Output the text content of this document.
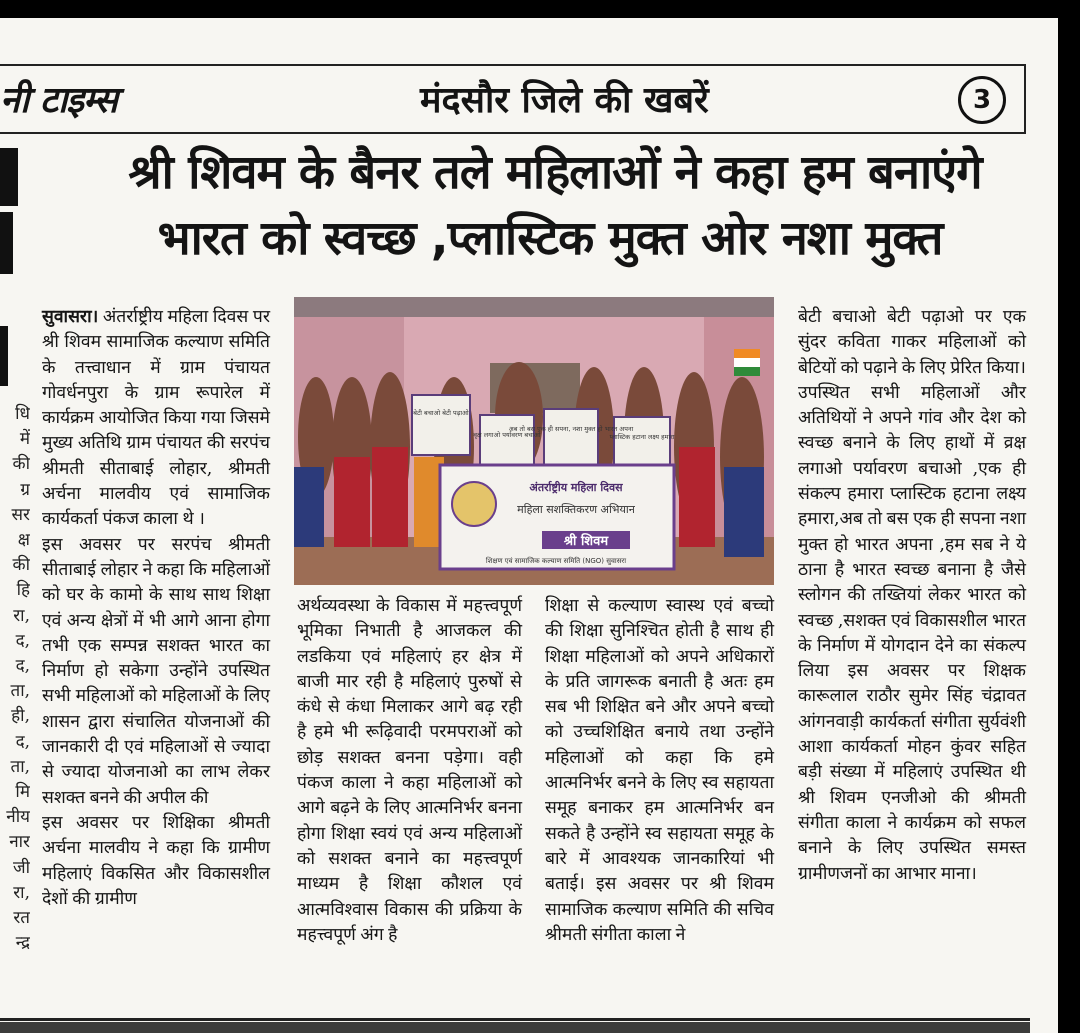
नी टाइम्स	मंदसौर जिले की खबरें	3
श्री शिवम के बैनर तले महिलाओं ने कहा हम बनाएंगे
भारत को स्वच्छ ,प्लास्टिक मुक्त ओर नशा मुक्त
धि
में
की
ग्र
सर
क्ष
की
हि
रा,
द,
द,
ता,
ही,
द,
ता,
मि
नीय
नार
जी
रा,
रत
न्द्र

सुवासरा। अंतर्राष्ट्रीय महिला दिवस पर श्री शिवम सामाजिक कल्याण समिति के तत्त्वाधान में ग्राम पंचायत गोवर्धनपुरा के ग्राम रूपारेल में कार्यक्रम आयोजित किया गया जिसमे मुख्य अतिथि ग्राम पंचायत की सरपंच श्रीमती सीताबाई लोहार, श्रीमती अर्चना मालवीय एवं सामाजिक कार्यकर्ता पंकज काला थे ।

इस अवसर पर सरपंच श्रीमती सीताबाई लोहार ने कहा कि महिलाओं को घर के कामो के साथ साथ शिक्षा एवं अन्य क्षेत्रों में भी आगे आना होगा तभी एक सम्पन्न सशक्त भारत का निर्माण हो सकेगा उन्होंने उपस्थित सभी महिलाओं को महिलाओं के लिए शासन द्वारा संचालित योजनाओं की जानकारी दी एवं महिलाओं से ज्यादा से ज्यादा योजनाओ का लाभ लेकर सशक्त बनने की अपील की

इस अवसर पर शिक्षिका श्रीमती अर्चना मालवीय ने कहा कि ग्रामीण महिलाएं विकसित और विकासशील देशों की ग्रामीण

बेटी बचाओ बेटी पढ़ाओ
वृक्ष लगाओ पर्यावरण बचाओ
अब तो बस एक ही सपना, नशा मुक्त हो भारत अपना
प्लास्टिक हटाना लक्ष्य हमारा
अंतर्राष्ट्रीय महिला दिवस
महिला सशक्तिकरण अभियान
श्री शिवम
शिक्षण एवं सामाजिक कल्याण समिति (NGO) सुवासरा

अर्थव्यवस्था के विकास में महत्त्वपूर्ण भूमिका निभाती है आजकल की लडकिया एवं महिलाएं हर क्षेत्र में बाजी मार रही है महिलाएं पुरुषों से कंधे से कंधा मिलाकर आगे बढ़ रही है हमे भी रूढ़िवादी परमपराओं को छोड़ सशक्त बनना पड़ेगा। वही पंकज काला ने कहा महिलाओं को आगे बढ़ने के लिए आत्मनिर्भर बनना होगा शिक्षा स्वयं एवं अन्य महिलाओं को सशक्त बनाने का महत्त्वपूर्ण माध्यम है शिक्षा कौशल एवं आत्मविश्वास विकास की प्रक्रिया के महत्त्वपूर्ण अंग है

शिक्षा से कल्याण स्वास्थ एवं बच्चो की शिक्षा सुनिश्चित होती है साथ ही शिक्षा महिलाओं को अपने अधिकारों के प्रति जागरूक बनाती है अतः हम सब भी शिक्षित बने और अपने बच्चो को उच्चशिक्षित बनाये तथा उन्होंने महिलाओं को कहा कि हमे आत्मनिर्भर बनने के लिए स्व सहायता समूह बनाकर हम आत्मनिर्भर बन सकते है उन्होंने स्व सहायता समूह के बारे में आवश्यक जानकारियां भी बताई। इस अवसर पर श्री शिवम सामाजिक कल्याण समिति की सचिव श्रीमती संगीता काला ने

बेटी बचाओ बेटी पढ़ाओ पर एक सुंदर कविता गाकर महिलाओं को बेटियों को पढ़ाने के लिए प्रेरित किया।

उपस्थित सभी महिलाओं और अतिथियों ने अपने गांव और देश को स्वच्छ बनाने के लिए हाथों में व्रक्ष लगाओ पर्यावरण बचाओ ,एक ही संकल्प हमारा प्लास्टिक हटाना लक्ष्य हमारा,अब तो बस एक ही सपना नशा मुक्त हो भारत अपना ,हम सब ने ये ठाना है भारत स्वच्छ बनाना है जैसे स्लोगन की तख्तियां लेकर भारत को स्वच्छ ,सशक्त एवं विकासशील भारत के निर्माण में योगदान देने का संकल्प लिया इस अवसर पर शिक्षक कारूलाल राठौर सुमेर सिंह चंद्रावत आंगनवाड़ी कार्यकर्ता संगीता सुर्यवंशी आशा कार्यकर्ता मोहन कुंवर सहित बड़ी संख्या में महिलाएं उपस्थित थी श्री शिवम एनजीओ की श्रीमती संगीता काला ने कार्यक्रम को सफल बनाने के लिए उपस्थित समस्त ग्रामीणजनों का आभार माना।
